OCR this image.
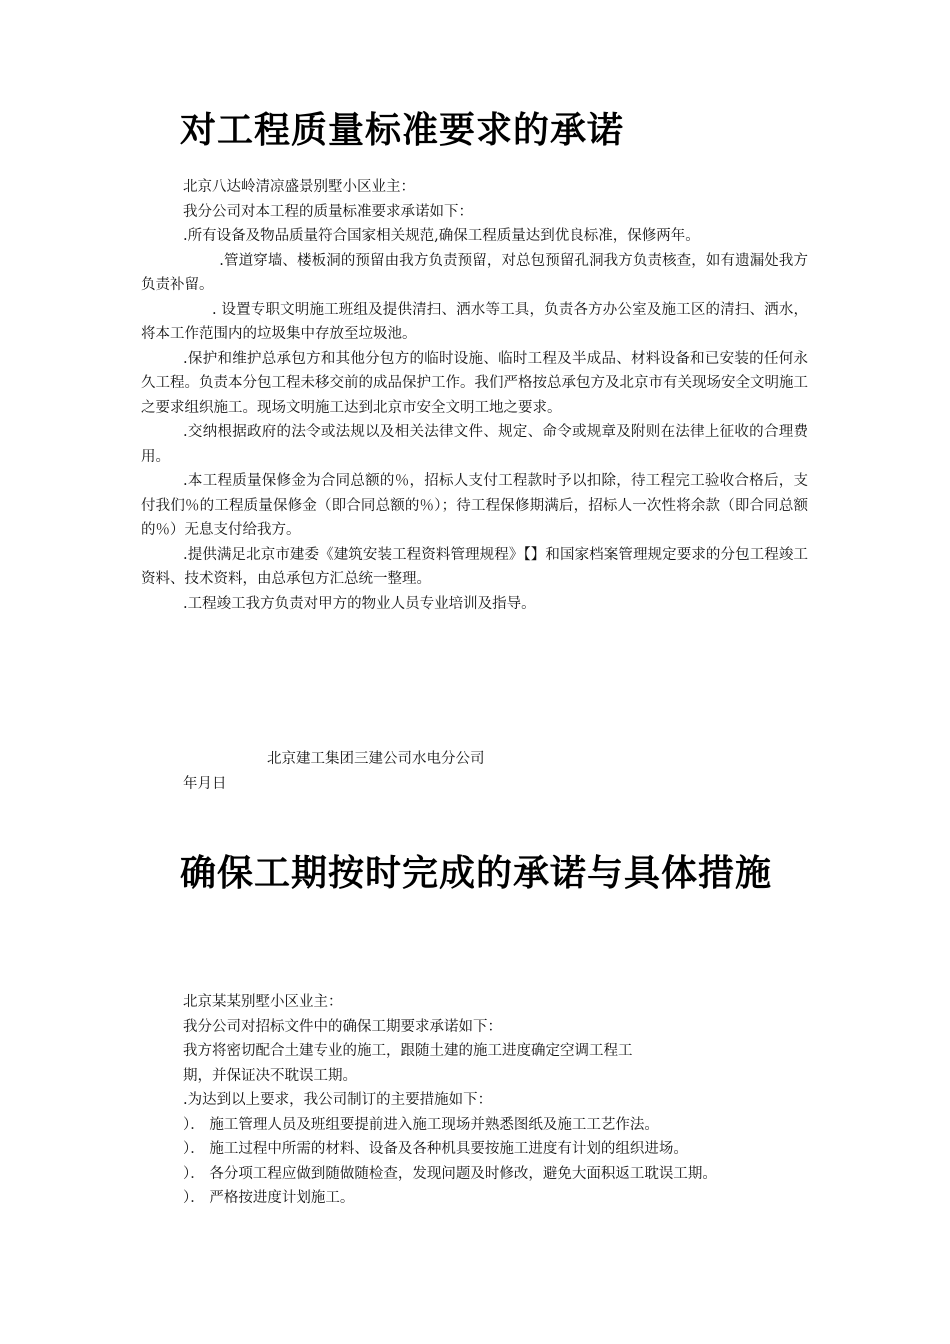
对工程质量标准要求的承诺

北京八达岭清凉盛景别墅小区业主：

我分公司对本工程的质量标准要求承诺如下：

.所有设备及物品质量符合国家相关规范,确保工程质量达到优良标准，保修两年。

.管道穿墙、楼板洞的预留由我方负责预留，对总包预留孔洞我方负责核查，如有遗漏处我方负责补留。

. 设置专职文明施工班组及提供清扫、洒水等工具，负责各方办公室及施工区的清扫、洒水，将本工作范围内的垃圾集中存放至垃圾池。

.保护和维护总承包方和其他分包方的临时设施、临时工程及半成品、材料设备和已安装的任何永久工程。负责本分包工程未移交前的成品保护工作。我们严格按总承包方及北京市有关现场安全文明施工之要求组织施工。现场文明施工达到北京市安全文明工地之要求。

.交纳根据政府的法令或法规以及相关法律文件、规定、命令或规章及附则在法律上征收的合理费用。

.本工程质量保修金为合同总额的％，招标人支付工程款时予以扣除，待工程完工验收合格后，支付我们％的工程质量保修金（即合同总额的％）；待工程保修期满后，招标人一次性将余款（即合同总额的％）无息支付给我方。

.提供满足北京市建委《建筑安装工程资料管理规程》【】和国家档案管理规定要求的分包工程竣工资料、技术资料，由总承包方汇总统一整理。

.工程竣工我方负责对甲方的物业人员专业培训及指导。

北京建工集团三建公司水电分公司
年月日
确保工期按时完成的承诺与具体措施

北京某某别墅小区业主：

我分公司对招标文件中的确保工期要求承诺如下：

我方将密切配合土建专业的施工，跟随土建的施工进度确定空调工程工

期，并保证决不耽误工期。

.为达到以上要求，我公司制订的主要措施如下：

）． 施工管理人员及班组要提前进入施工现场并熟悉图纸及施工工艺作法。

）． 施工过程中所需的材料、设备及各种机具要按施工进度有计划的组织进场。

）． 各分项工程应做到随做随检查，发现问题及时修改，避免大面积返工耽误工期。

）． 严格按进度计划施工。
